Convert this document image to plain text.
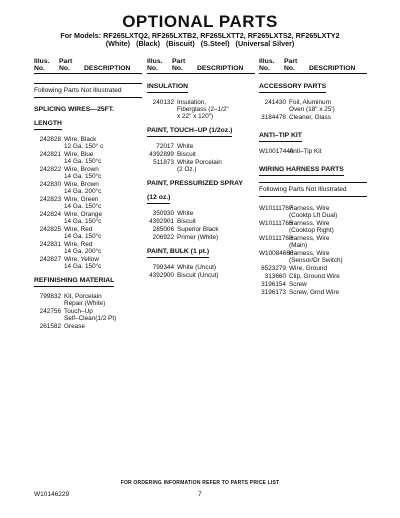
OPTIONAL PARTS
For Models: RF265LXTQ2, RF265LXTB2, RF265LXTT2, RF265LXTS2, RF265LXTY2
(White) (Black) (Biscuit) (S.Steel) (Universal Silver)
Illus.
No.
Part
No.	DESCRIPTION
Following Parts Not Illustrated
SPLICING WIRES—25FT.
LENGTH
242828 Wire, Black
12 Ga. 150° c
242821 Wire, Blue
14 Ga. 150°c
242822 Wire, Brown
14 Ga. 150°c
242830 Wire, Brown
14 Ga. 200°c
242823 Wire, Green
14 Ga. 150°c
242824 Wire, Orange
14 Ga. 150°c
242825 Wire, Red
14 Ga. 150°c
242831 Wire, Red
14 Ga. 200°c
242827 Wire, Yellow
14 Ga. 150°c
REFINISHING MATERIAL
799832 Kit, Porcelain
Repair (White)
242756 Touch–Up
Self–Clean(1/2 Pt)
261582 Grease
Illus.
No.
Part
No.	DESCRIPTION
INSULATION
240132 Insulation,
Fiberglass (2–1/2"
x 22" x 120")
PAINT, TOUCH–UP (1/2oz.)
72017 White
4392899 Biscuit
511873 White Porcelain
(2 Oz.)
PAINT, PRESSURIZED SPRAY
(12 oz.)
350930 White
4392901 Biscuit
285006 Superior Black
206922 Primer (White)
PAINT, BULK (1 pt.)
799344 White (Uncut)
4392900 Biscuit (Uncut)
Illus.
No.
Part
No.	DESCRIPTION
ACCESSORY PARTS
241430 Foil, Aluminum
Oven (18" x 25')
3184478 Cleaner, Glass
ANTI–TIP KIT
W10017440
Anti–Tip Kit
WIRING HARNESS PARTS
Following Parts Not Illustrated
W10111767
Harness, Wire
(Cooktp Lft Dual)
W10111766
Harness, Wire
(Cooktop Right)
W10111768
Harness, Wire
(Main)
W10084660
Harness, Wire
(Sensor/Dr Switch)
8523279 Wire, Ground
313660 Clip, Ground Wire
3196154 Screw
3196173 Screw, Grnd Wire
FOR ORDERING INFORMATION REFER TO PARTS PRICE LIST
W10146229	7
